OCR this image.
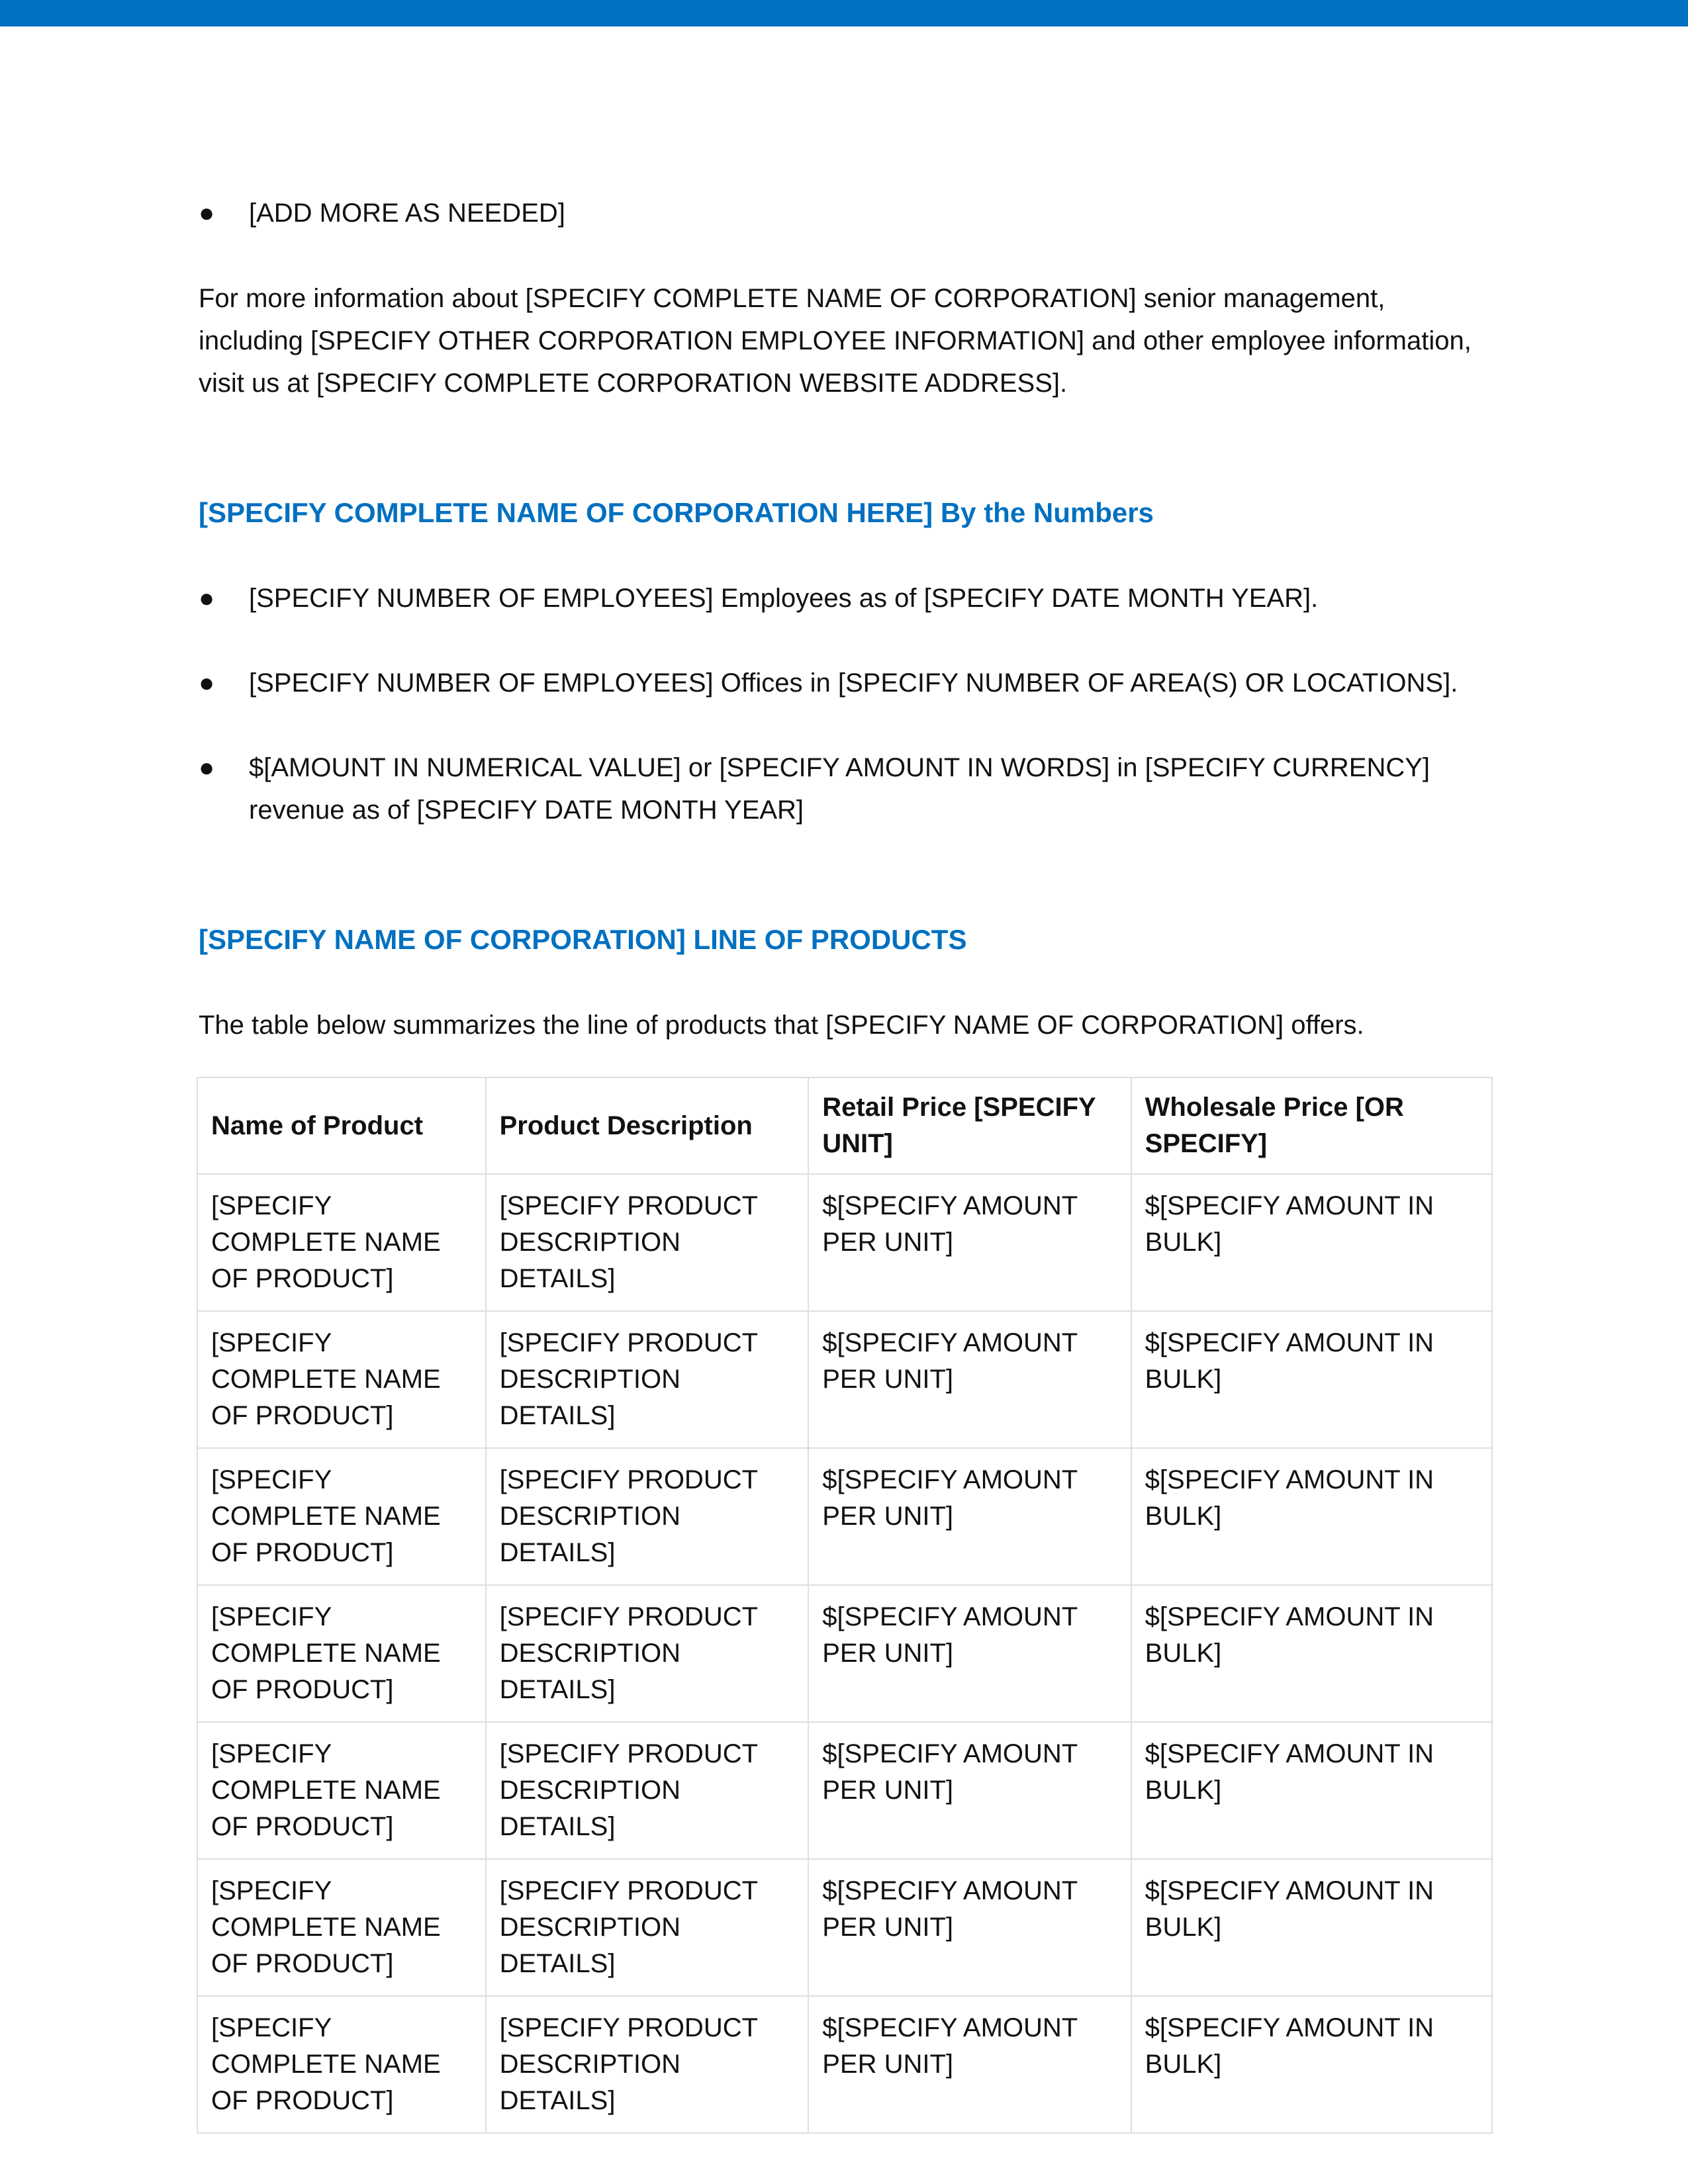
●	[ADD MORE AS NEEDED]

For more information about [SPECIFY COMPLETE NAME OF CORPORATION] senior management, including [SPECIFY OTHER CORPORATION EMPLOYEE INFORMATION] and other employee information, visit us at [SPECIFY COMPLETE CORPORATION WEBSITE ADDRESS].

[SPECIFY COMPLETE NAME OF CORPORATION HERE] By the Numbers
●	[SPECIFY NUMBER OF EMPLOYEES] Employees as of [SPECIFY DATE MONTH YEAR].
●	[SPECIFY NUMBER OF EMPLOYEES] Offices in [SPECIFY NUMBER OF AREA(S) OR LOCATIONS].
●	$[AMOUNT IN NUMERICAL VALUE] or [SPECIFY AMOUNT IN WORDS] in [SPECIFY CURRENCY] revenue as of [SPECIFY DATE MONTH YEAR]
[SPECIFY NAME OF CORPORATION] LINE OF PRODUCTS

The table below summarizes the line of products that [SPECIFY NAME OF CORPORATION] offers.

Name of Product	Product Description	Retail Price [SPECIFY UNIT]	Wholesale Price [OR SPECIFY]
[SPECIFY COMPLETE NAME OF PRODUCT]	[SPECIFY PRODUCT DESCRIPTION DETAILS]	$[SPECIFY AMOUNT PER UNIT]	$[SPECIFY AMOUNT IN BULK]
[SPECIFY COMPLETE NAME OF PRODUCT]	[SPECIFY PRODUCT DESCRIPTION DETAILS]	$[SPECIFY AMOUNT PER UNIT]	$[SPECIFY AMOUNT IN BULK]
[SPECIFY COMPLETE NAME OF PRODUCT]	[SPECIFY PRODUCT DESCRIPTION DETAILS]	$[SPECIFY AMOUNT PER UNIT]	$[SPECIFY AMOUNT IN BULK]
[SPECIFY COMPLETE NAME OF PRODUCT]	[SPECIFY PRODUCT DESCRIPTION DETAILS]	$[SPECIFY AMOUNT PER UNIT]	$[SPECIFY AMOUNT IN BULK]
[SPECIFY COMPLETE NAME OF PRODUCT]	[SPECIFY PRODUCT DESCRIPTION DETAILS]	$[SPECIFY AMOUNT PER UNIT]	$[SPECIFY AMOUNT IN BULK]
[SPECIFY COMPLETE NAME OF PRODUCT]	[SPECIFY PRODUCT DESCRIPTION DETAILS]	$[SPECIFY AMOUNT PER UNIT]	$[SPECIFY AMOUNT IN BULK]
[SPECIFY COMPLETE NAME OF PRODUCT]	[SPECIFY PRODUCT DESCRIPTION DETAILS]	$[SPECIFY AMOUNT PER UNIT]	$[SPECIFY AMOUNT IN BULK]
